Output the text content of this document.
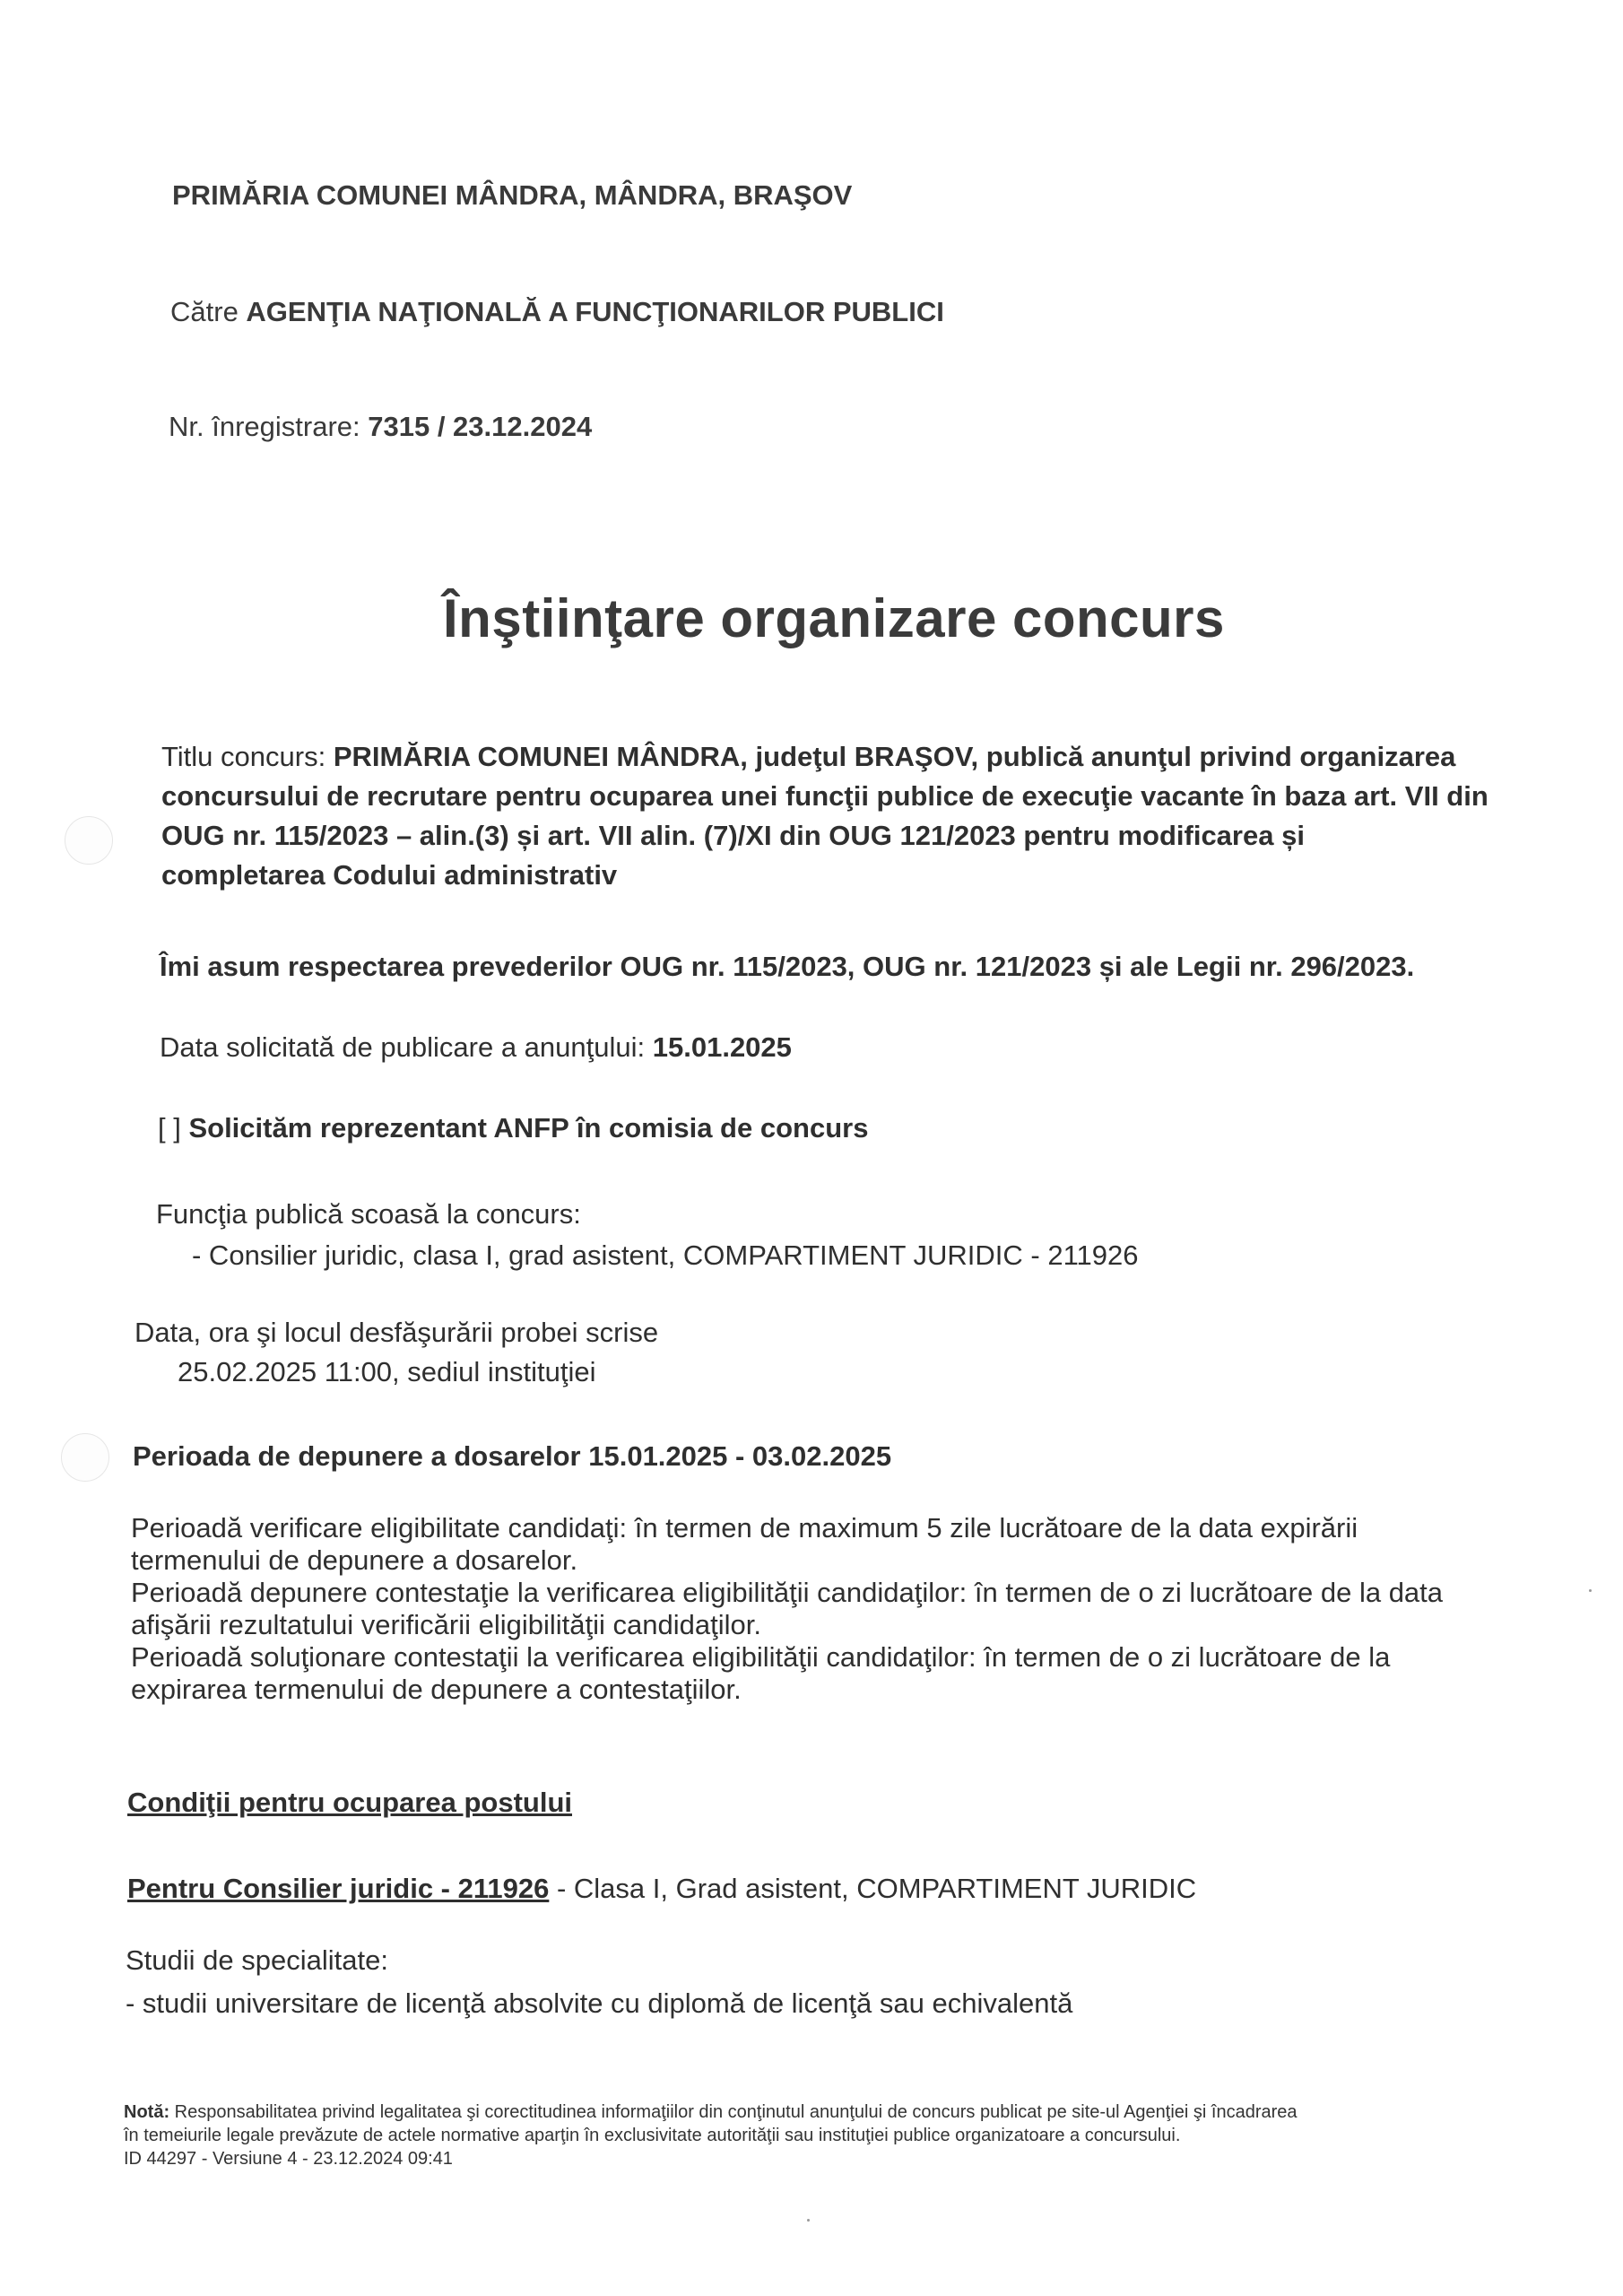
PRIMĂRIA COMUNEI MÂNDRA, MÂNDRA, BRAŞOV
Către AGENŢIA NAŢIONALĂ A FUNCŢIONARILOR PUBLICI
Nr. înregistrare: 7315 / 23.12.2024
Înştiinţare organizare concurs
Titlu concurs: PRIMĂRIA COMUNEI MÂNDRA, judeţul BRAŞOV, publică anunţul privind organizarea
concursului de recrutare pentru ocuparea unei funcţii publice de execuţie vacante în baza art. VII din
OUG nr. 115/2023 – alin.(3) și art. VII alin. (7)/XI din OUG 121/2023 pentru modificarea și
completarea Codului administrativ
Îmi asum respectarea prevederilor OUG nr. 115/2023, OUG nr. 121/2023 și ale Legii nr. 296/2023.
Data solicitată de publicare a anunţului: 15.01.2025
[ ] Solicităm reprezentant ANFP în comisia de concurs
Funcţia publică scoasă la concurs:
- Consilier juridic, clasa I, grad asistent, COMPARTIMENT JURIDIC - 211926
Data, ora şi locul desfăşurării probei scrise
25.02.2025 11:00, sediul instituţiei
Perioada de depunere a dosarelor 15.01.2025 - 03.02.2025
Perioadă verificare eligibilitate candidaţi: în termen de maximum 5 zile lucrătoare de la data expirării
termenului de depunere a dosarelor.
Perioadă depunere contestaţie la verificarea eligibilităţii candidaţilor: în termen de o zi lucrătoare de la data
afişării rezultatului verificării eligibilităţii candidaţilor.
Perioadă soluţionare contestaţii la verificarea eligibilităţii candidaţilor: în termen de o zi lucrătoare de la
expirarea termenului de depunere a contestaţiilor.
Condiţii pentru ocuparea postului
Pentru Consilier juridic - 211926 - Clasa I, Grad asistent, COMPARTIMENT JURIDIC
Studii de specialitate:
- studii universitare de licenţă absolvite cu diplomă de licenţă sau echivalentă
Notă: Responsabilitatea privind legalitatea şi corectitudinea informaţiilor din conţinutul anunţului de concurs publicat pe site-ul Agenţiei şi încadrarea
în temeiurile legale prevăzute de actele normative aparţin în exclusivitate autorităţii sau instituţiei publice organizatoare a concursului.
ID 44297 - Versiune 4 - 23.12.2024 09:41
